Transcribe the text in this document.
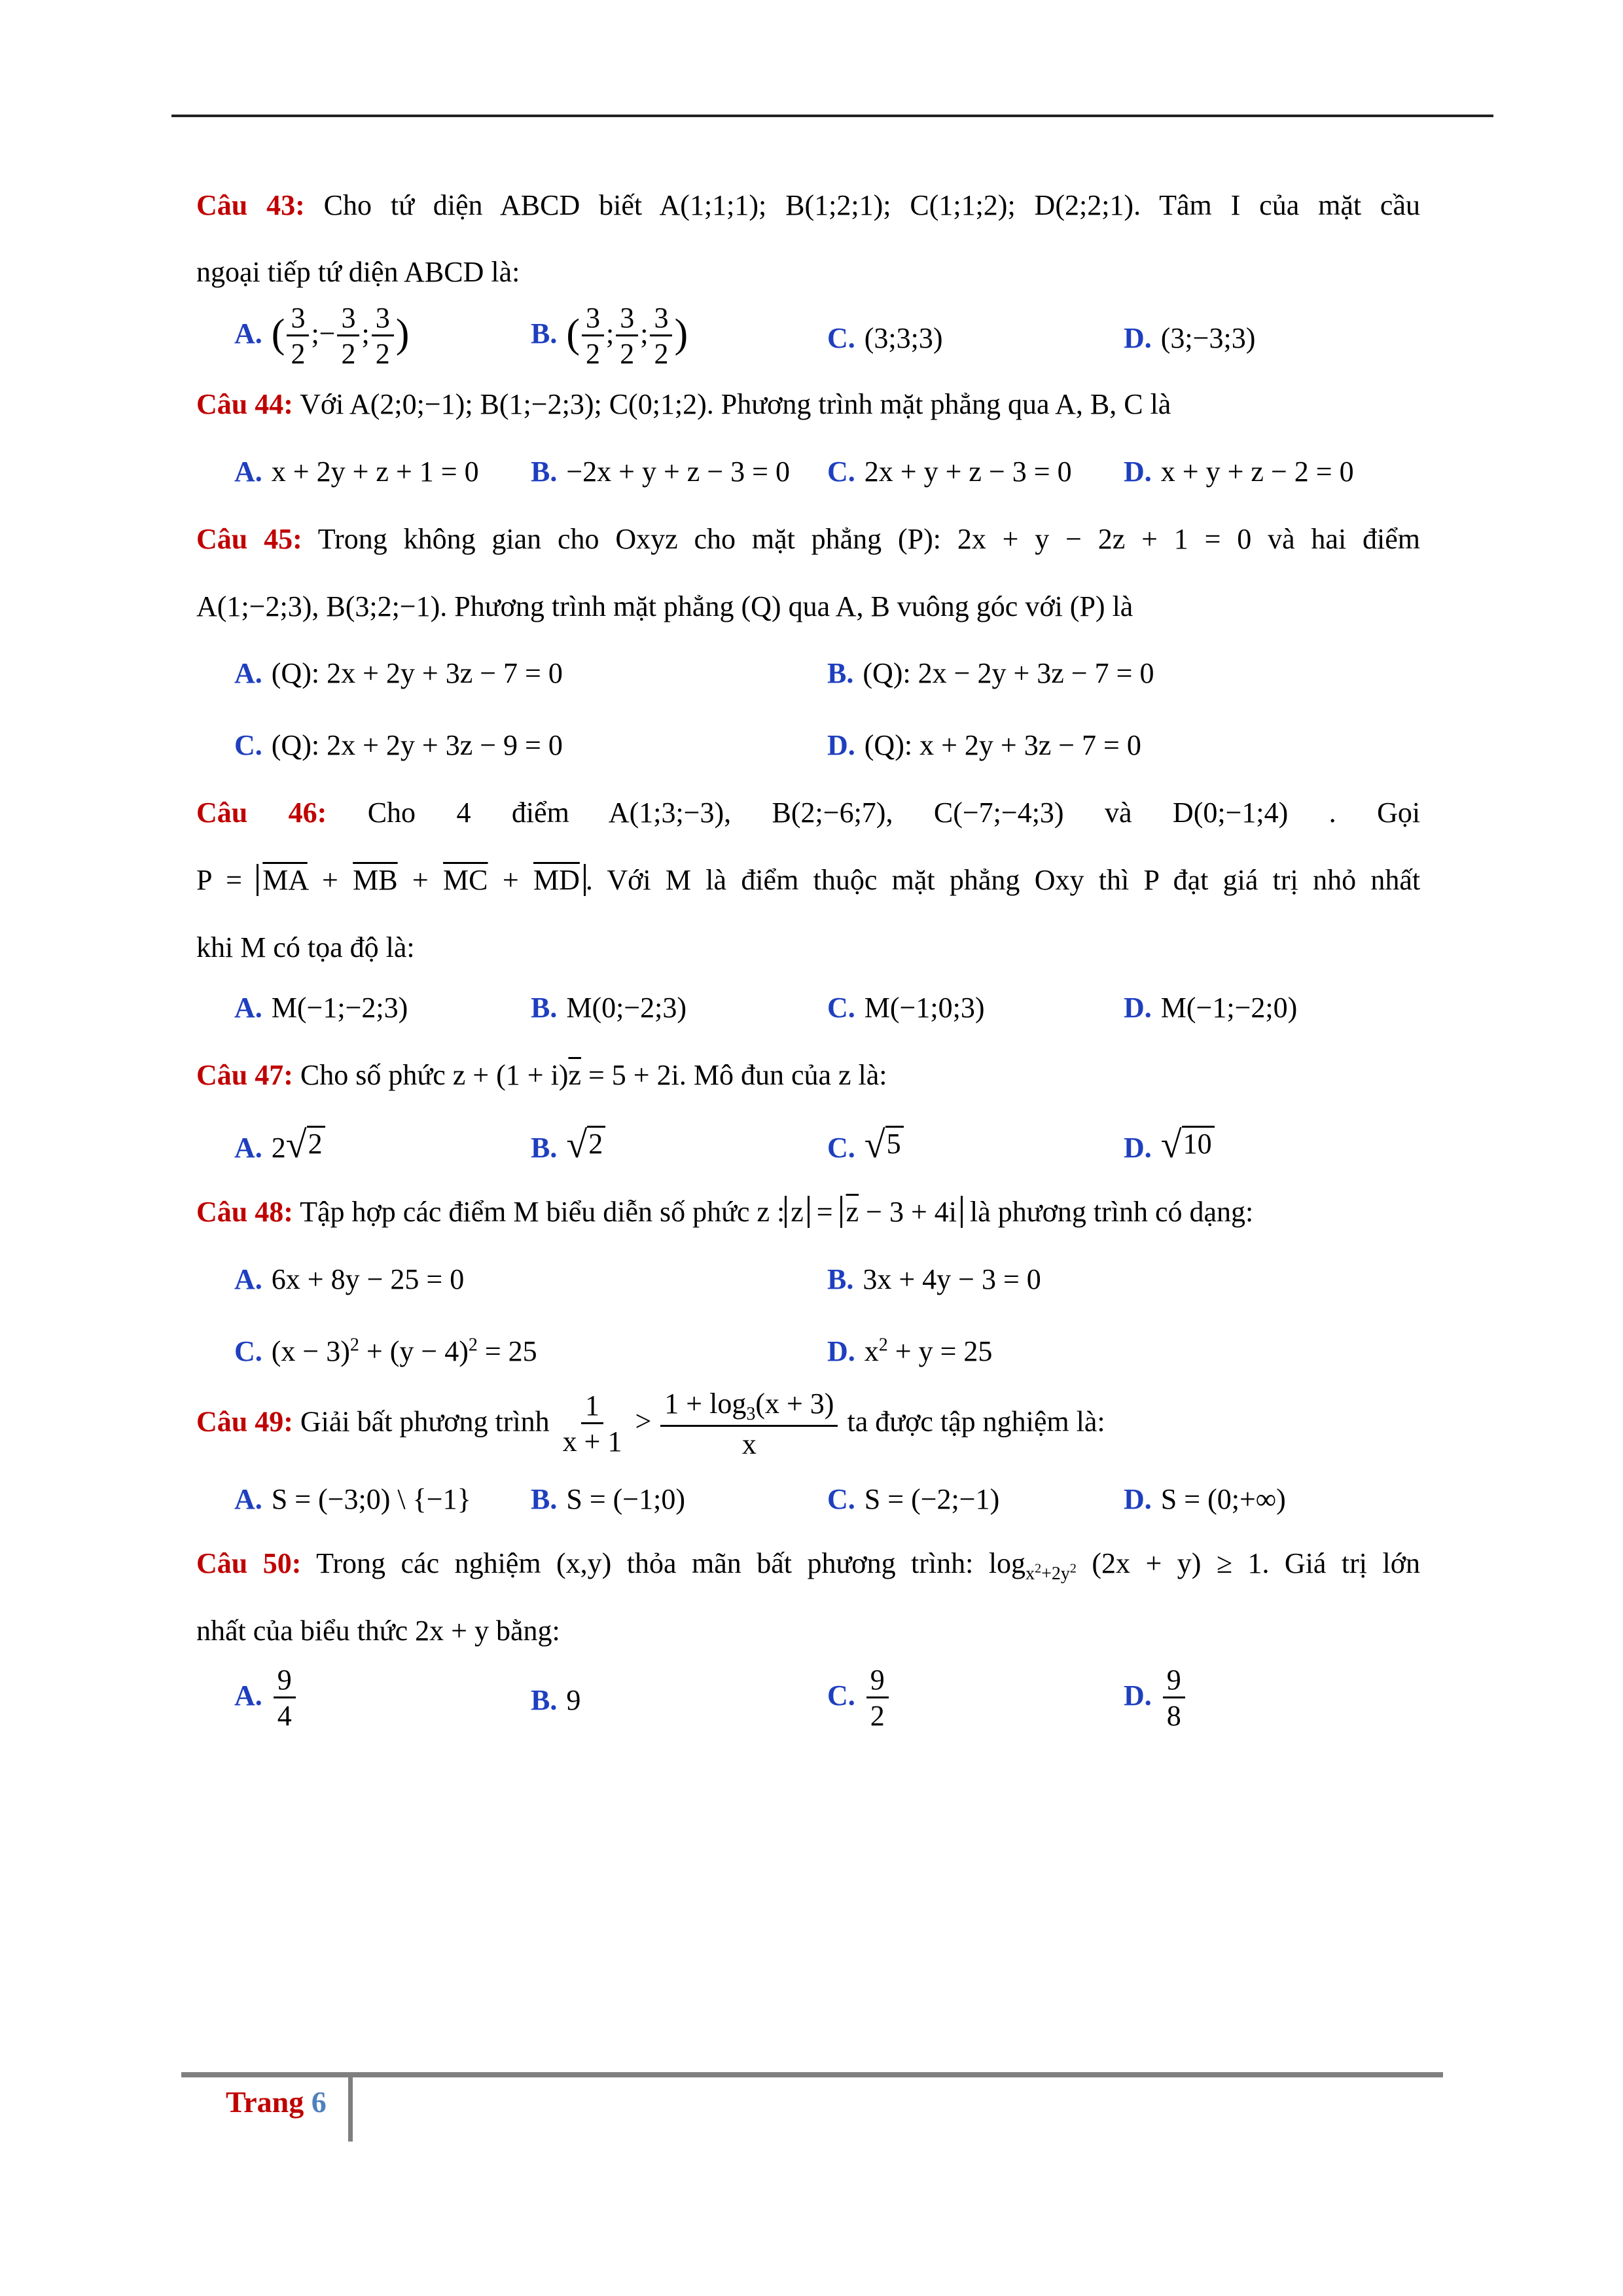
Câu 43: Cho tứ diện ABCD biết A(1;1;1); B(1;2;1); C(1;1;2); D(2;2;1). Tâm I của mặt cầu
ngoại tiếp tứ diện ABCD là:
A. ( $\frac{3}{2}$ ;− $\frac{3}{2}$ ; $\frac{3}{2}$ )	B. ( $\frac{3}{2}$ ; $\frac{3}{2}$ ; $\frac{3}{2}$ )	C. (3;3;3)	D. (3;−3;3)
Câu 44: Với A(2;0;−1); B(1;−2;3); C(0;1;2). Phương trình mặt phẳng qua A, B, C là
A. x + 2y + z + 1 = 0	B. −2x + y + z − 3 = 0	C. 2x + y + z − 3 = 0	D. x + y + z − 2 = 0
Câu 45: Trong không gian cho Oxyz cho mặt phẳng (P): 2x + y − 2z + 1 = 0 và hai điểm
A(1;−2;3), B(3;2;−1). Phương trình mặt phẳng (Q) qua A, B vuông góc với (P) là
A. (Q): 2x + 2y + 3z − 7 = 0	B. (Q): 2x − 2y + 3z − 7 = 0
C. (Q): 2x + 2y + 3z − 9 = 0	D. (Q): x + 2y + 3z − 7 = 0
Câu 46: Cho 4 điểm A(1;3;−3), B(2;−6;7), C(−7;−4;3) và D(0;−1;4) . Gọi
$P = \overline{MA} + \overline{MB} + \overline{MC} + \overline{MD}$ . Với M là điểm thuộc mặt phẳng Oxy thì P đạt giá trị nhỏ nhất
khi M có tọa độ là:
A. M(−1;−2;3)	B. M(0;−2;3)	C. M(−1;0;3)	D. M(−1;−2;0)
Câu 47: Cho số phức $z + (1 + i)\overline{z} = 5 + 2i$. Mô đun của z là:
A. 2 √ 2	B. √ 2	C. √ 5	D. √ 10
Câu 48: Tập hợp các điểm M biểu diễn số phức z : $z = \overline{z} - 3 + 4i$ là phương trình có dạng:
A. 6x + 8y − 25 = 0	B. 3x + 4y − 3 = 0
C. $(x - 3)^2 + (y - 4)^2 = 25$	D. $x^2 + y = 25$
Câu 49: Giải bất phương trình $\frac{1}{x + 1} > \frac{1 + \log_3(x + 3)}{x}$ ta được tập nghiệm là:
A. S = (−3;0) \ {−1}	B. S = (−1;0)	C. S = (−2;−1)	D. S = (0;+∞)
Câu 50: Trong các nghiệm (x,y) thỏa mãn bất phương trình: $\log_{x^2+2y^2} (2x + y) \ge 1$. Giá trị lớn
nhất của biểu thức 2x + y bằng:
A. $\frac{9}{4}$	B. 9	C. $\frac{9}{2}$	D. $\frac{9}{8}$
Trang 6
